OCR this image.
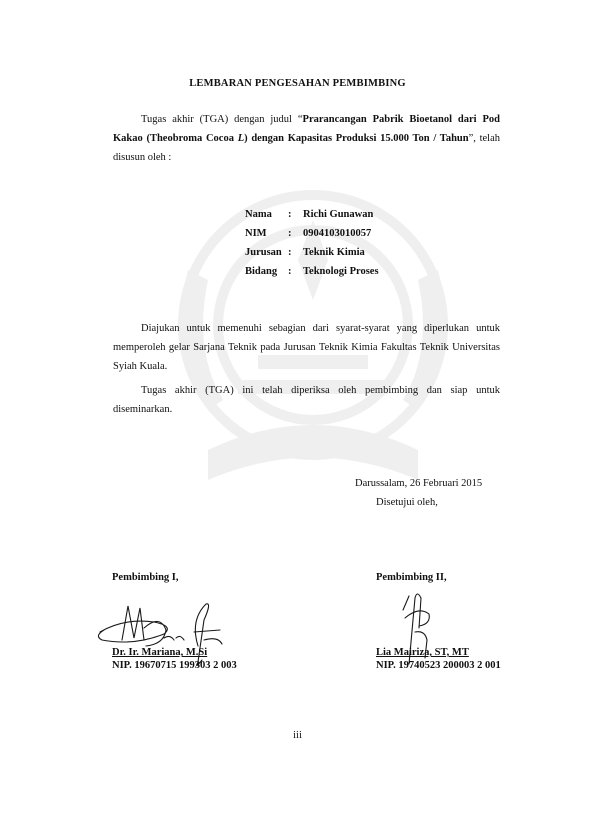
LEMBARAN PENGESAHAN PEMBIMBING
Tugas akhir (TGA) dengan judul “Prarancangan Pabrik Bioetanol dari Pod Kakao (Theobroma Cocoa L) dengan Kapasitas Produksi 15.000 Ton / Tahun”, telah disusun oleh :
Nama	:	Richi Gunawan
NIM	:	0904103010057
Jurusan	:	Teknik Kimia
Bidang	:	Teknologi Proses
Diajukan untuk memenuhi sebagian dari syarat-syarat yang diperlukan untuk memperoleh gelar Sarjana Teknik pada Jurusan Teknik Kimia Fakultas Teknik Universitas Syiah Kuala.
Tugas akhir (TGA) ini telah diperiksa oleh pembimbing dan siap untuk diseminarkan.
Darussalam, 26 Februari 2015
Disetujui oleh,
Pembimbing I,	Pembimbing II,
Dr. Ir. Mariana, M.Si	Lia Mairiza, ST, MT
NIP. 19670715 199303 2 003	NIP. 19740523 200003 2 001
iii
